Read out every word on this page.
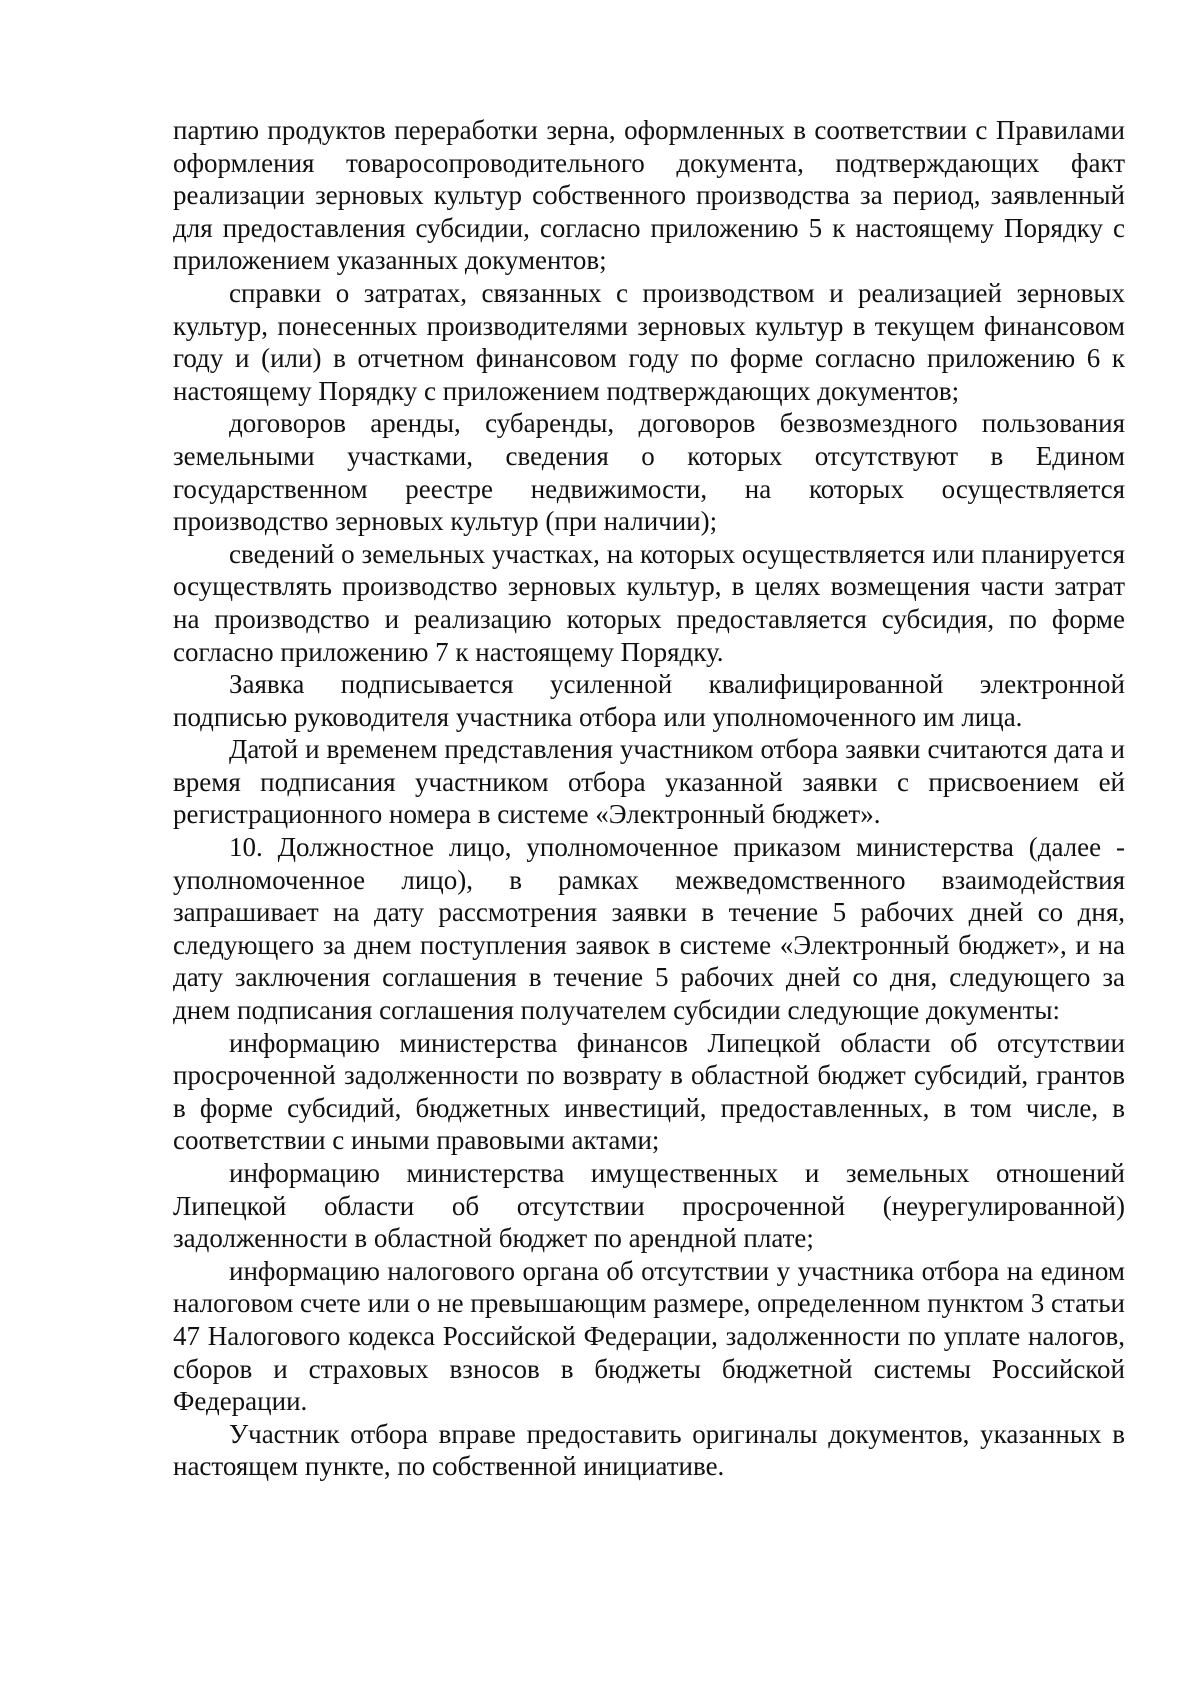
партию продуктов переработки зерна, оформленных в соответствии с Правилами оформления товаросопроводительного документа, подтверждающих факт реализации зерновых культур собственного производства за период, заявленный для предоставления субсидии, согласно приложению 5 к настоящему Порядку с приложением указанных документов;

справки о затратах, связанных с производством и реализацией зерновых культур, понесенных производителями зерновых культур в текущем финансовом году и (или) в отчетном финансовом году по форме согласно приложению 6 к настоящему Порядку с приложением подтверждающих документов;

договоров аренды, субаренды, договоров безвозмездного пользования земельными участками, сведения о которых отсутствуют в Едином государственном реестре недвижимости, на которых осуществляется производство зерновых культур (при наличии);

сведений о земельных участках, на которых осуществляется или планируется осуществлять производство зерновых культур, в целях возмещения части затрат на производство и реализацию которых предоставляется субсидия, по форме согласно приложению 7 к настоящему Порядку.

Заявка подписывается усиленной квалифицированной электронной подписью руководителя участника отбора или уполномоченного им лица.

Датой и временем представления участником отбора заявки считаются дата и время подписания участником отбора указанной заявки с присвоением ей регистрационного номера в системе «Электронный бюджет».

10. Должностное лицо, уполномоченное приказом министерства (далее - уполномоченное лицо), в рамках межведомственного взаимодействия запрашивает на дату рассмотрения заявки в течение 5 рабочих дней со дня, следующего за днем поступления заявок в системе «Электронный бюджет», и на дату заключения соглашения в течение 5 рабочих дней со дня, следующего за днем подписания соглашения получателем субсидии следующие документы:

информацию министерства финансов Липецкой области об отсутствии просроченной задолженности по возврату в областной бюджет субсидий, грантов в форме субсидий, бюджетных инвестиций, предоставленных, в том числе, в соответствии с иными правовыми актами;

информацию министерства имущественных и земельных отношений Липецкой области об отсутствии просроченной (неурегулированной) задолженности в областной бюджет по арендной плате;

информацию налогового органа об отсутствии у участника отбора на едином налоговом счете или о не превышающим размере, определенном пунктом 3 статьи 47 Налогового кодекса Российской Федерации, задолженности по уплате налогов, сборов и страховых взносов в бюджеты бюджетной системы Российской Федерации.

Участник отбора вправе предоставить оригиналы документов, указанных в настоящем пункте, по собственной инициативе.
